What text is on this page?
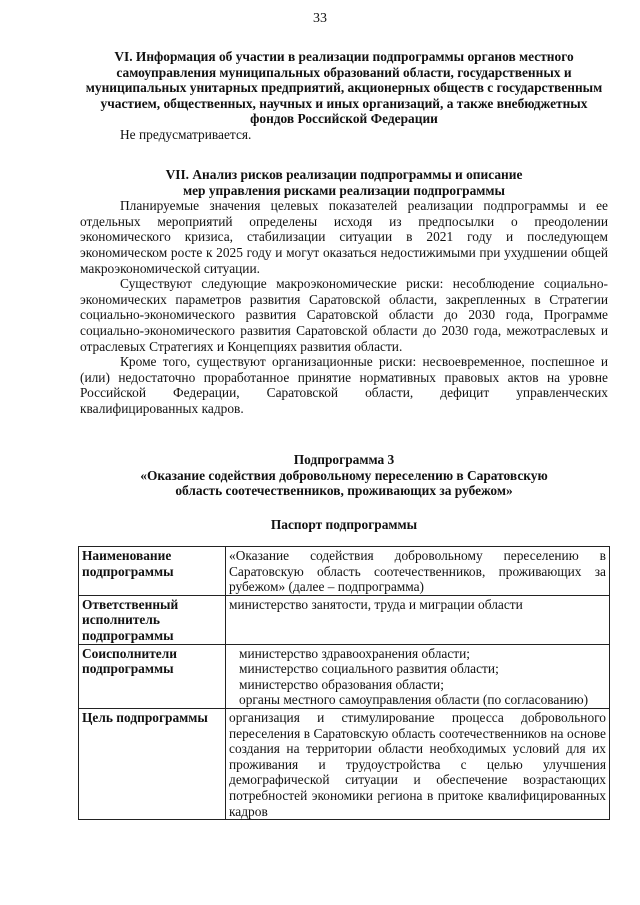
33

VI. Информация об участии в реализации подпрограммы органов местного самоуправления муниципальных образований области, государственных и муниципальных унитарных предприятий, акционерных обществ с государственным участием, общественных, научных и иных организаций, а также внебюджетных фондов Российской Федерации

Не предусматривается.

VII. Анализ рисков реализации подпрограммы и описание

мер управления рисками реализации подпрограммы

Планируемые значения целевых показателей реализации подпрограммы и ее отдельных мероприятий определены исходя из предпосылки о преодолении экономического кризиса, стабилизации ситуации в 2021 году и последующем экономическом росте к 2025 году и могут оказаться недостижимыми при ухудшении общей макроэкономической ситуации.

Существуют следующие макроэкономические риски: несоблюдение социально-экономических параметров развития Саратовской области, закрепленных в Стратегии социально-экономического развития Саратовской области до 2030 года, Программе социально-экономического развития Саратовской области до 2030 года, межотраслевых и отраслевых Стратегиях и Концепциях развития области.

Кроме того, существуют организационные риски: несвоевременное, поспешное и (или) недостаточно проработанное принятие нормативных правовых актов на уровне Российской Федерации, Саратовской области, дефицит управленческих квалифицированных кадров.

Подпрограмма 3

«Оказание содействия добровольному переселению в Саратовскую

область соотечественников, проживающих за рубежом»

Паспорт подпрограммы

Наименование подпрограммы	«Оказание содействия добровольному переселению в Саратовскую область соотечественников, проживающих за рубежом» (далее – подпрограмма)
Ответственный исполнитель подпрограммы	министерство занятости, труда и миграции области
Соисполнители подпрограммы	министерство здравоохранения области;
министерство социального развития области;
министерство образования области;
органы местного самоуправления области (по согласованию)

Цель подпрограммы	организация и стимулирование процесса добровольного переселения в Саратовскую область соотечественников на основе создания на территории области необходимых условий для их проживания и трудоустройства с целью улучшения демографической ситуации и обеспечение возрастающих потребностей экономики региона в притоке квалифицированных кадров
